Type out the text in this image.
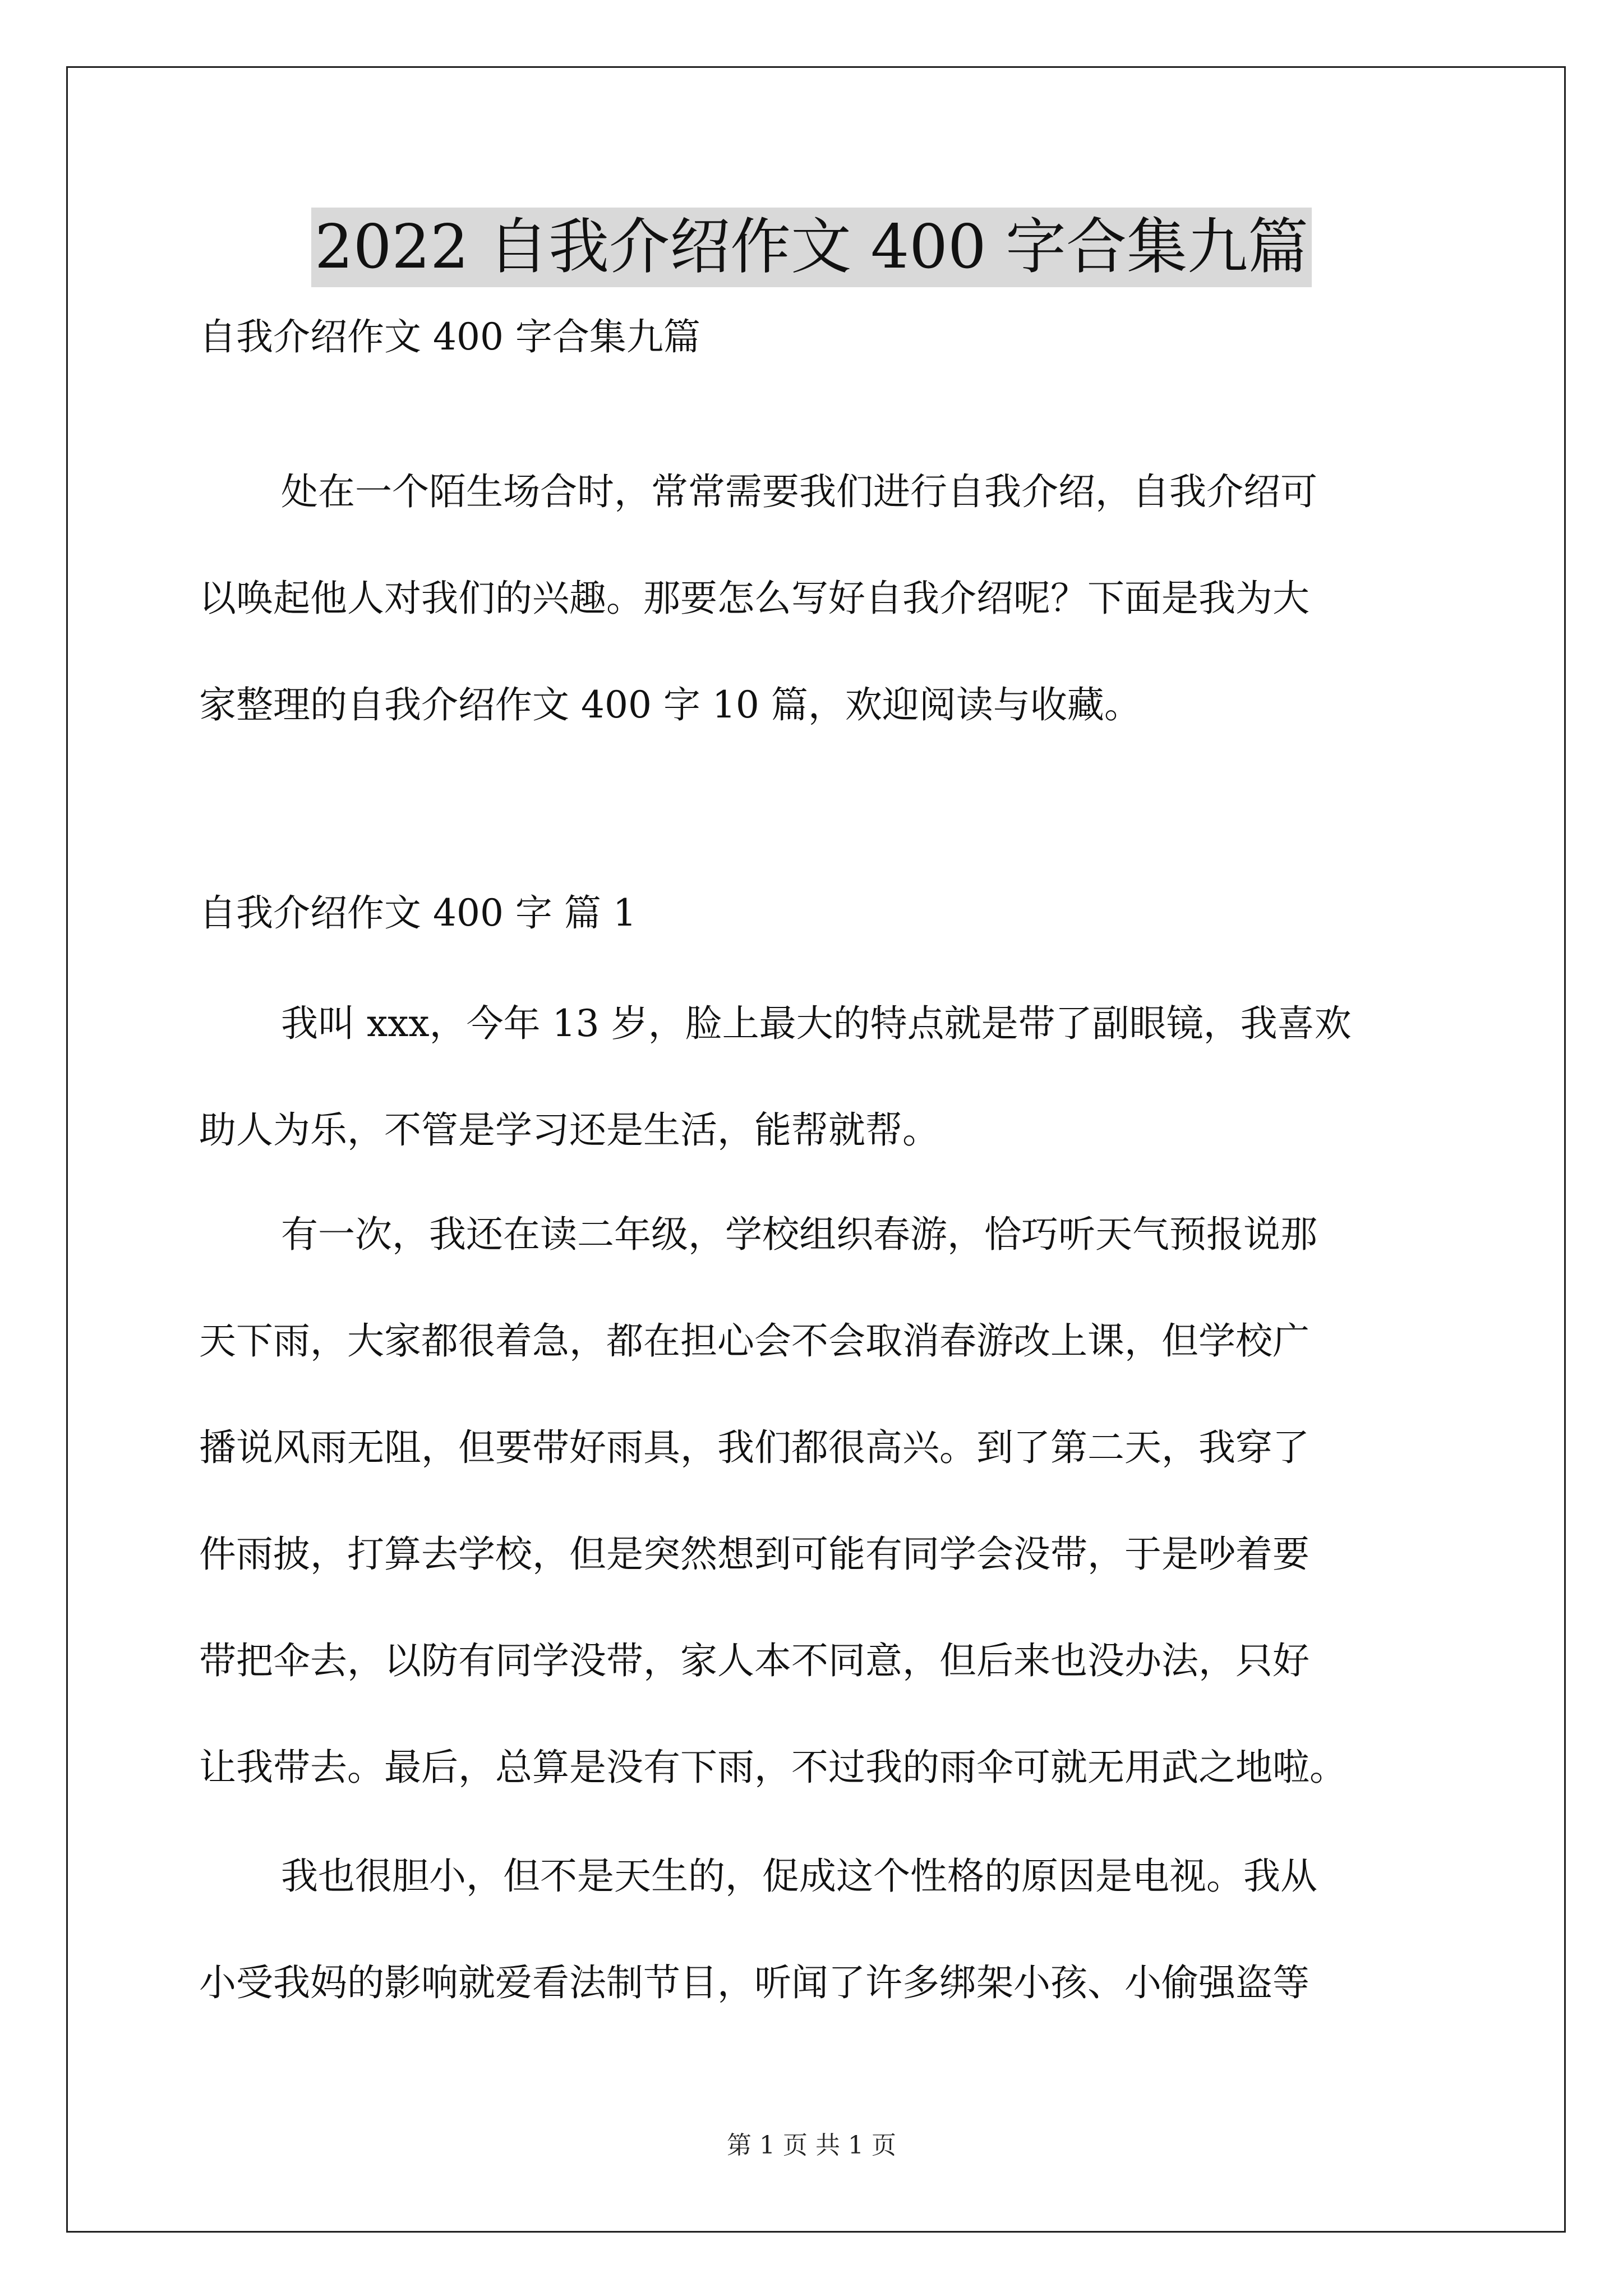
2022 自我介绍作文 400 字合集九篇
自我介绍作文 400 字合集九篇
处在一个陌生场合时，常常需要我们进行自我介绍，自我介绍可
以唤起他人对我们的兴趣。那要怎么写好自我介绍呢？下面是我为大
家整理的自我介绍作文 400 字 10 篇，欢迎阅读与收藏。
自我介绍作文 400 字 篇 1
我叫 xxx，今年 13 岁，脸上最大的特点就是带了副眼镜，我喜欢
助人为乐，不管是学习还是生活，能帮就帮。
有一次，我还在读二年级，学校组织春游，恰巧听天气预报说那
天下雨，大家都很着急，都在担心会不会取消春游改上课，但学校广
播说风雨无阻，但要带好雨具，我们都很高兴。到了第二天，我穿了
件雨披，打算去学校，但是突然想到可能有同学会没带，于是吵着要
带把伞去，以防有同学没带，家人本不同意，但后来也没办法，只好
让我带去。最后，总算是没有下雨，不过我的雨伞可就无用武之地啦。
我也很胆小，但不是天生的，促成这个性格的原因是电视。我从
小受我妈的影响就爱看法制节目，听闻了许多绑架小孩、小偷强盗等
第 1 页 共 1 页
